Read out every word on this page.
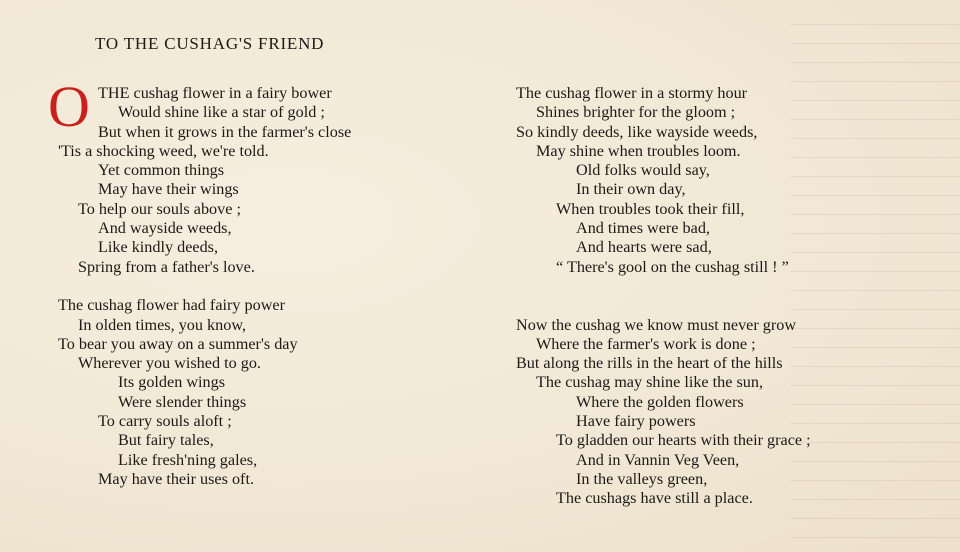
TO THE CUSHAG'S FRIEND
O THE cushag flower in a fairy bower
Would shine like a star of gold ;
But when it grows in the farmer's close
'Tis a shocking weed, we're told.
Yet common things
May have their wings
To help our souls above ;
And wayside weeds,
Like kindly deeds,
Spring from a father's love.
The cushag flower had fairy power
In olden times, you know,
To bear you away on a summer's day
Wherever you wished to go.
Its golden wings
Were slender things
To carry souls aloft ;
But fairy tales,
Like fresh'ning gales,
May have their uses oft.
The cushag flower in a stormy hour
Shines brighter for the gloom ;
So kindly deeds, like wayside weeds,
May shine when troubles loom.
Old folks would say,
In their own day,
When troubles took their fill,
And times were bad,
And hearts were sad,
“ There's gool on the cushag still ! ”
Now the cushag we know must never grow
Where the farmer's work is done ;
But along the rills in the heart of the hills
The cushag may shine like the sun,
Where the golden flowers
Have fairy powers
To gladden our hearts with their grace ;
And in Vannin Veg Veen,
In the valleys green,
The cushags have still a place.
